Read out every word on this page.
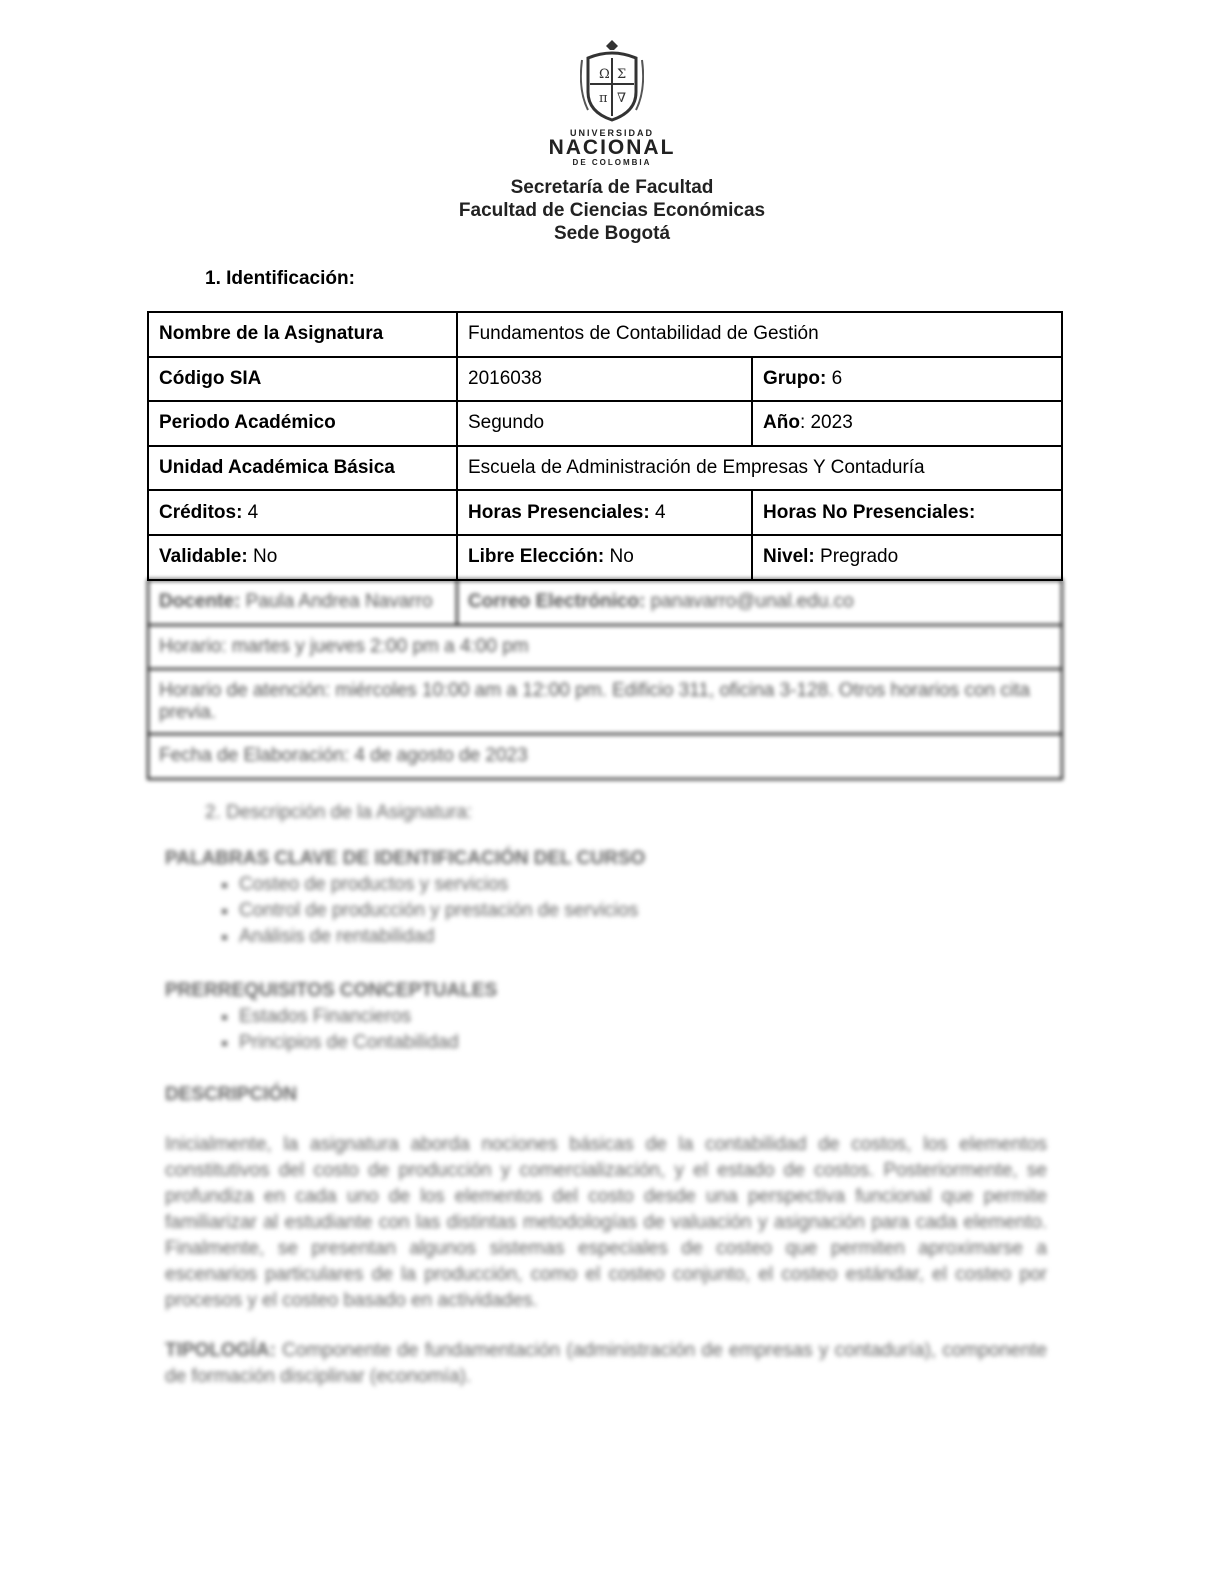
Ω Σ
π ∇
UNIVERSIDAD
NACIONAL
DE COLOMBIA
Secretaría de Facultad
Facultad de Ciencias Económicas
Sede Bogotá
1. Identificación:
Nombre de la Asignatura	Fundamentos de Contabilidad de Gestión	
Código SIA	2016038	Grupo: 6
Periodo Académico	Segundo	Año: 2023
Unidad Académica Básica	Escuela de Administración de Empresas Y Contaduría	
Créditos: 4	Horas Presenciales: 4	Horas No Presenciales:
Validable: No	Libre Elección: No	Nivel: Pregrado
Docente: Paula Andrea Navarro	Correo Electrónico: panavarro@unal.edu.co
Horario: martes y jueves 2:00 pm a 4:00 pm
Horario de atención: miércoles 10:00 am a 12:00 pm. Edificio 311, oficina 3-128. Otros horarios con cita previa.
Fecha de Elaboración: 4 de agosto de 2023
2. Descripción de la Asignatura:
PALABRAS CLAVE DE IDENTIFICACIÓN DEL CURSO
▪ Costeo de productos y servicios
▪ Control de producción y prestación de servicios
▪ Análisis de rentabilidad
PRERREQUISITOS CONCEPTUALES
▪ Estados Financieros
▪ Principios de Contabilidad
DESCRIPCIÓN

Inicialmente, la asignatura aborda nociones básicas de la contabilidad de costos, los elementos constitutivos del costo de producción y comercialización, y el estado de costos. Posteriormente, se profundiza en cada uno de los elementos del costo desde una perspectiva funcional que permite familiarizar al estudiante con las distintas metodologías de valuación y asignación para cada elemento. Finalmente, se presentan algunos sistemas especiales de costeo que permiten aproximarse a escenarios particulares de la producción, como el costeo conjunto, el costeo estándar, el costeo por procesos y el costeo basado en actividades.

TIPOLOGÍA: Componente de fundamentación (administración de empresas y contaduría), componente de formación disciplinar (economía).
